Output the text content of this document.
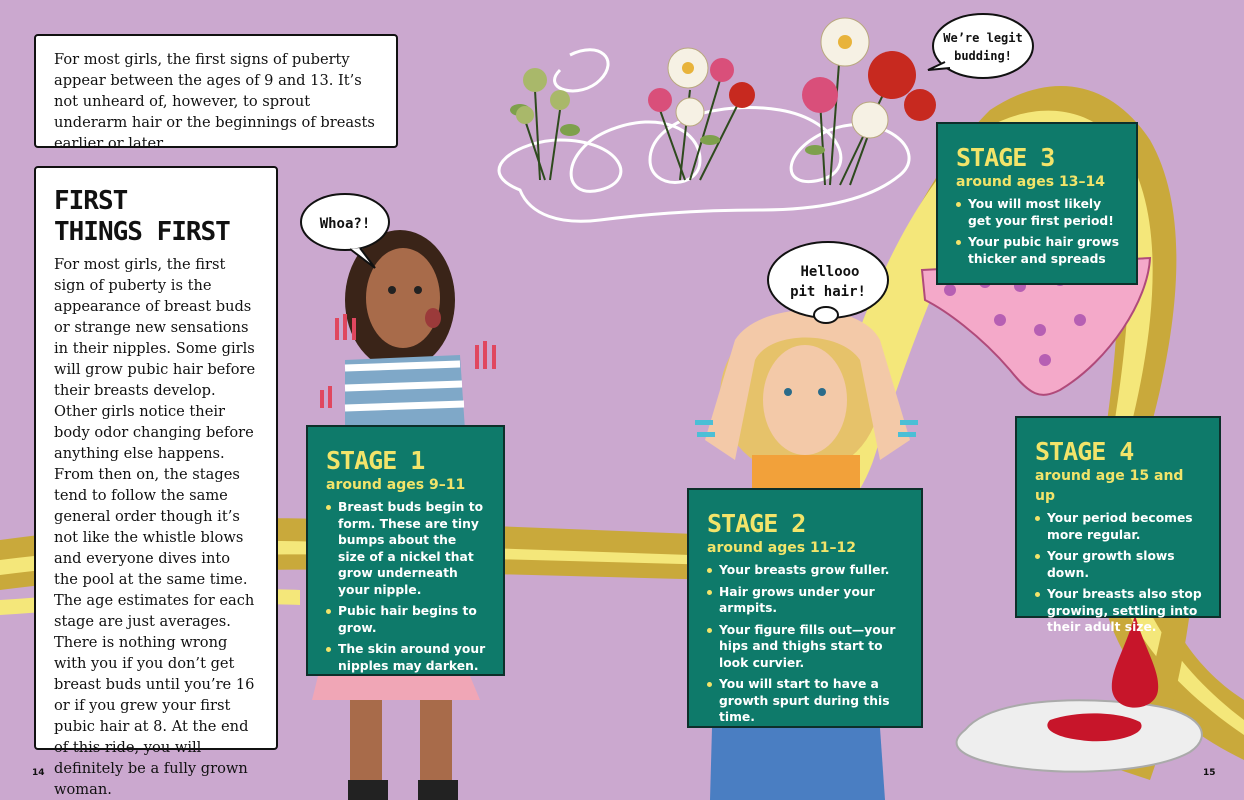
Whoa?!
Hellooo
pit hair!
We’re legit
budding!
For most girls, the first signs of puberty appear between the ages of 9 and 13. It’s not unheard of, however, to sprout underarm hair or the beginnings of breasts earlier or later.
FIRST
THINGS FIRST

For most girls, the first sign of puberty is the appearance of breast buds or strange new sensations in their nipples. Some girls will grow pubic hair before their breasts develop. Other girls notice their body odor changing before anything else happens. From then on, the stages tend to follow the same general order though it’s not like the whistle blows and everyone dives into the pool at the same time. The age estimates for each stage are just averages. There is nothing wrong with you if you don’t get breast buds until you’re 16 or if you grew your first pubic hair at 8. At the end of this ride, you will definitely be a fully grown woman.

STAGE 1
around ages 9–11
Breast buds begin to form. These are tiny bumps about the size of a nickel that grow underneath your nipple.
Pubic hair begins to grow.
The skin around your nipples may darken.
STAGE 2
around ages 11–12
Your breasts grow fuller.
Hair grows under your armpits.
Your figure fills out—your hips and thighs start to look curvier.
You will start to have a growth spurt during this time.
STAGE 3
around ages 13–14
You will most likely get your first period!
Your pubic hair grows thicker and spreads
STAGE 4
around age 15 and up
Your period becomes more regular.
Your growth slows down.
Your breasts also stop growing, settling into their adult size.
14	15
